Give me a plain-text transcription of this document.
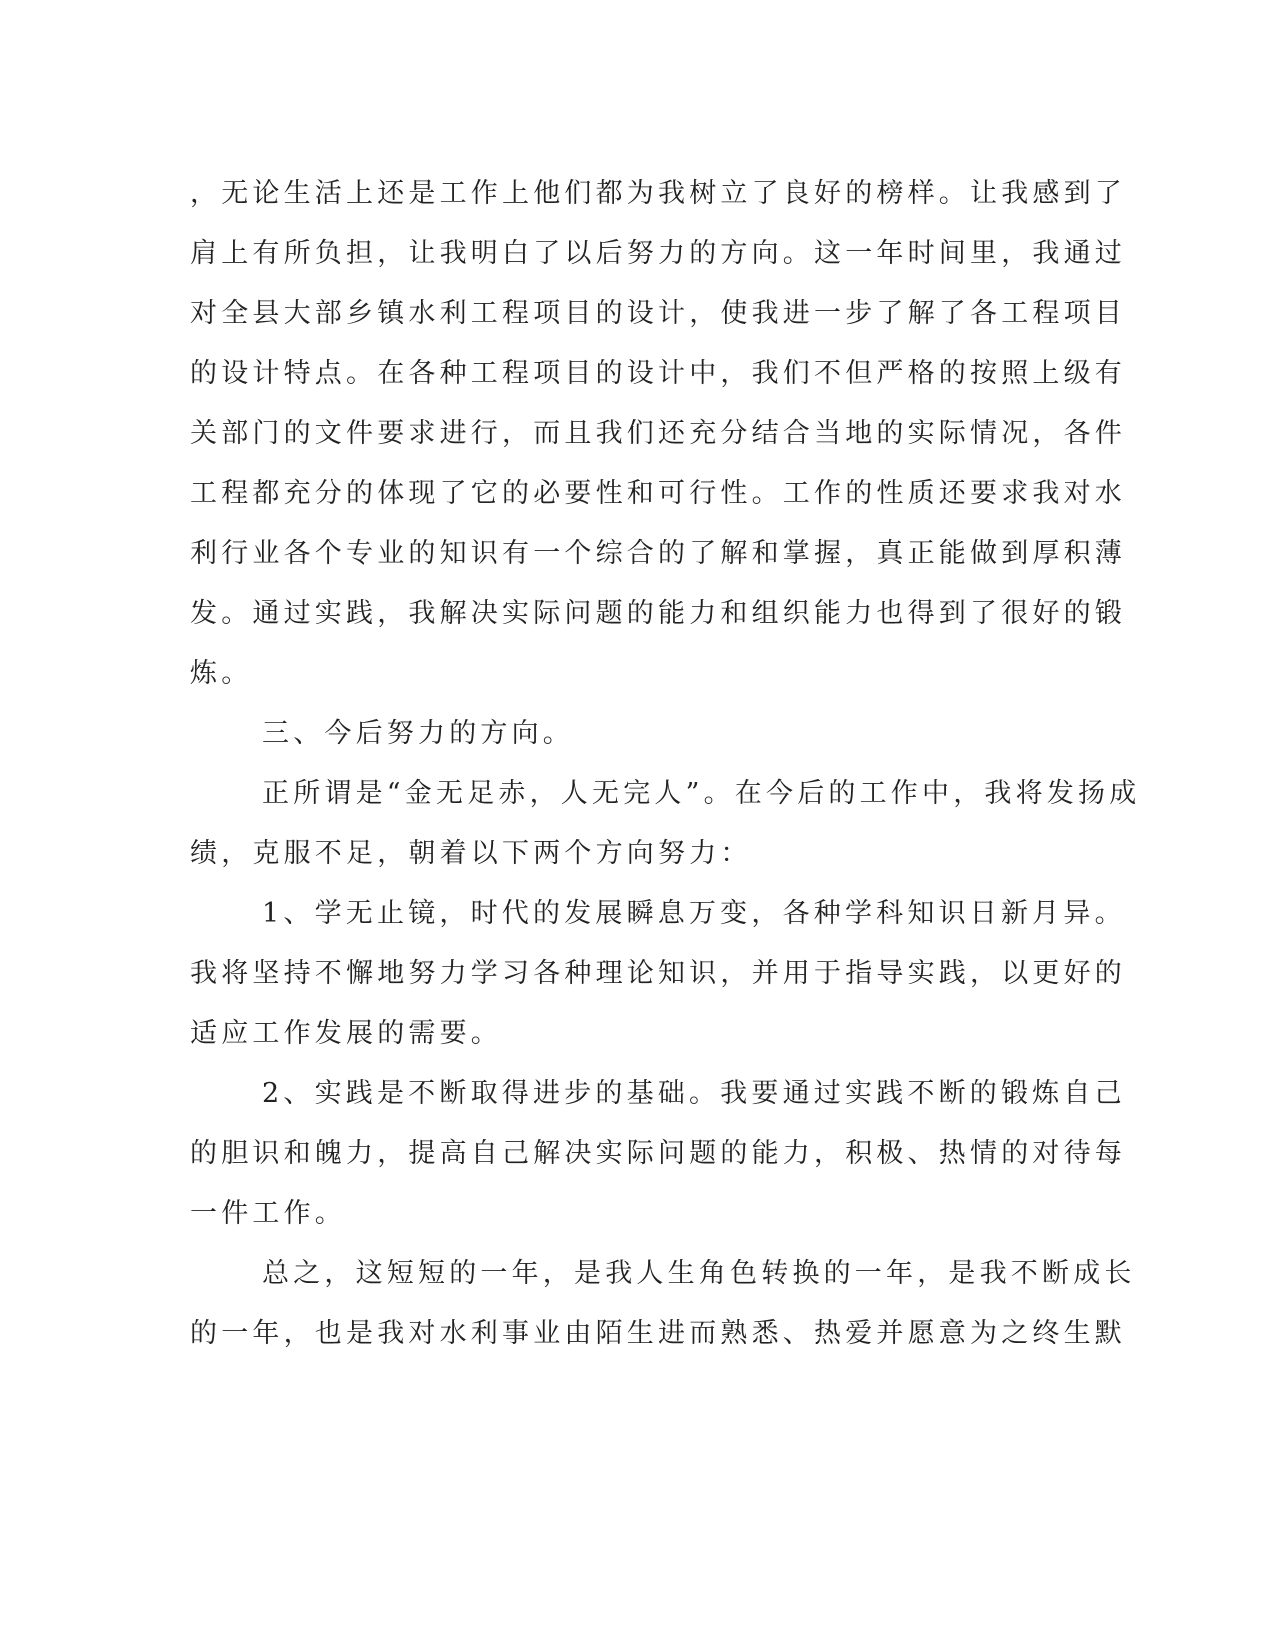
，无论生活上还是工作上他们都为我树立了良好的榜样。让我感到了
肩上有所负担，让我明白了以后努力的方向。这一年时间里，我通过
对全县大部乡镇水利工程项目的设计，使我进一步了解了各工程项目
的设计特点。在各种工程项目的设计中，我们不但严格的按照上级有
关部门的文件要求进行，而且我们还充分结合当地的实际情况，各件
工程都充分的体现了它的必要性和可行性。工作的性质还要求我对水
利行业各个专业的知识有一个综合的了解和掌握，真正能做到厚积薄
发。通过实践，我解决实际问题的能力和组织能力也得到了很好的锻
炼。
三、今后努力的方向。
正所谓是“金无足赤，人无完人”。在今后的工作中，我将发扬成
绩，克服不足，朝着以下两个方向努力：
1、学无止镜，时代的发展瞬息万变，各种学科知识日新月异。
我将坚持不懈地努力学习各种理论知识，并用于指导实践，以更好的
适应工作发展的需要。
2、实践是不断取得进步的基础。我要通过实践不断的锻炼自己
的胆识和魄力，提高自己解决实际问题的能力，积极、热情的对待每
一件工作。
总之，这短短的一年，是我人生角色转换的一年，是我不断成长
的一年，也是我对水利事业由陌生进而熟悉、热爱并愿意为之终生默
